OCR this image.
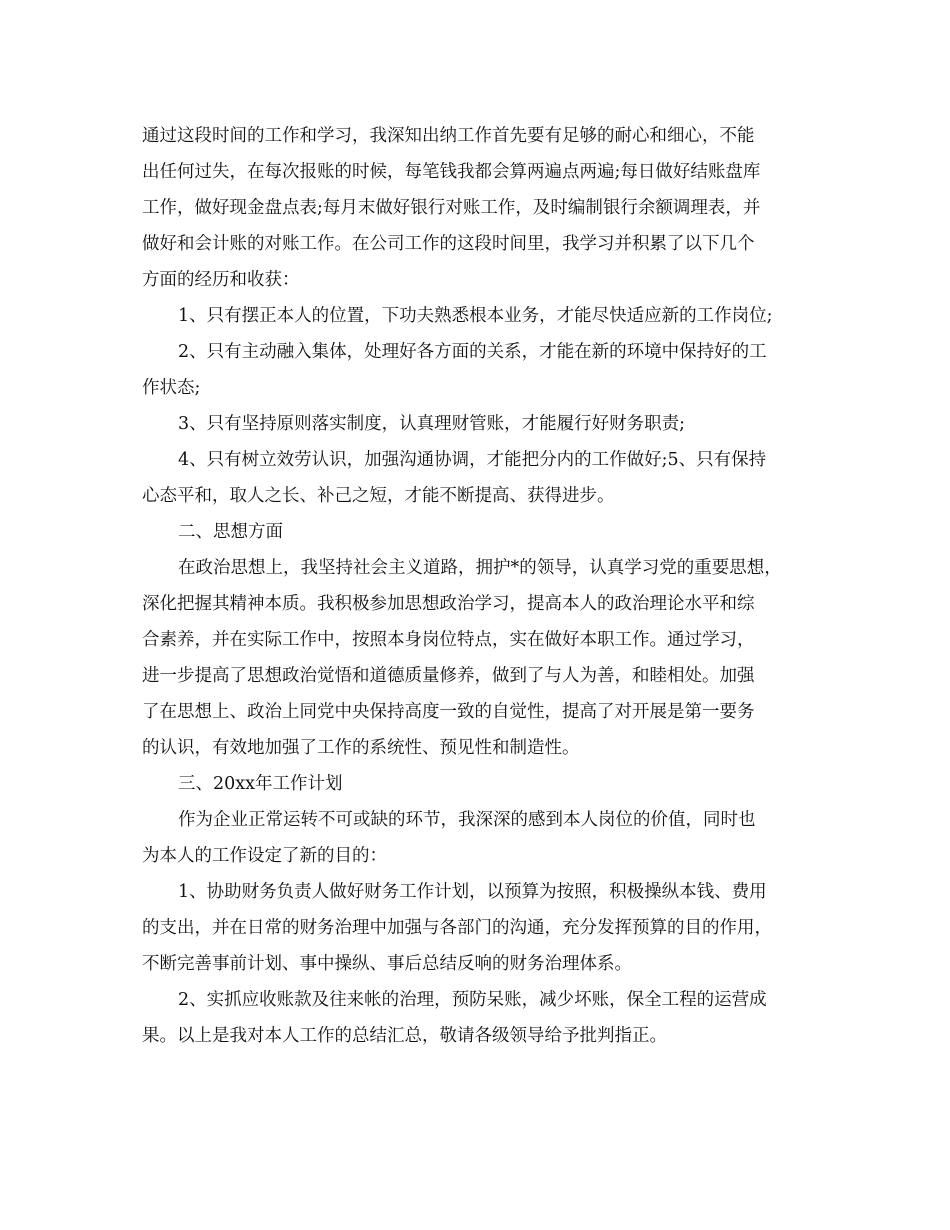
通过这段时间的工作和学习，我深知出纳工作首先要有足够的耐心和细心，不能
出任何过失，在每次报账的时候，每笔钱我都会算两遍点两遍;每日做好结账盘库
工作，做好现金盘点表;每月末做好银行对账工作，及时编制银行余额调理表，并
做好和会计账的对账工作。在公司工作的这段时间里，我学习并积累了以下几个
方面的经历和收获：
1、只有摆正本人的位置，下功夫熟悉根本业务，才能尽快适应新的工作岗位;
2、只有主动融入集体，处理好各方面的关系，才能在新的环境中保持好的工
作状态;
3、只有坚持原则落实制度，认真理财管账，才能履行好财务职责;
4、只有树立效劳认识，加强沟通协调，才能把分内的工作做好;5、只有保持
心态平和，取人之长、补己之短，才能不断提高、获得进步。
二、思想方面
在政治思想上，我坚持社会主义道路，拥护*的领导，认真学习党的重要思想，
深化把握其精神本质。我积极参加思想政治学习，提高本人的政治理论水平和综
合素养，并在实际工作中，按照本身岗位特点，实在做好本职工作。通过学习，
进一步提高了思想政治觉悟和道德质量修养，做到了与人为善，和睦相处。加强
了在思想上、政治上同党中央保持高度一致的自觉性，提高了对开展是第一要务
的认识，有效地加强了工作的系统性、预见性和制造性。
三、20xx年工作计划
作为企业正常运转不可或缺的环节，我深深的感到本人岗位的价值，同时也
为本人的工作设定了新的目的：
1、协助财务负责人做好财务工作计划，以预算为按照，积极操纵本钱、费用
的支出，并在日常的财务治理中加强与各部门的沟通，充分发挥预算的目的作用，
不断完善事前计划、事中操纵、事后总结反响的财务治理体系。
2、实抓应收账款及往来帐的治理，预防呆账，减少坏账，保全工程的运营成
果。以上是我对本人工作的总结汇总，敬请各级领导给予批判指正。
